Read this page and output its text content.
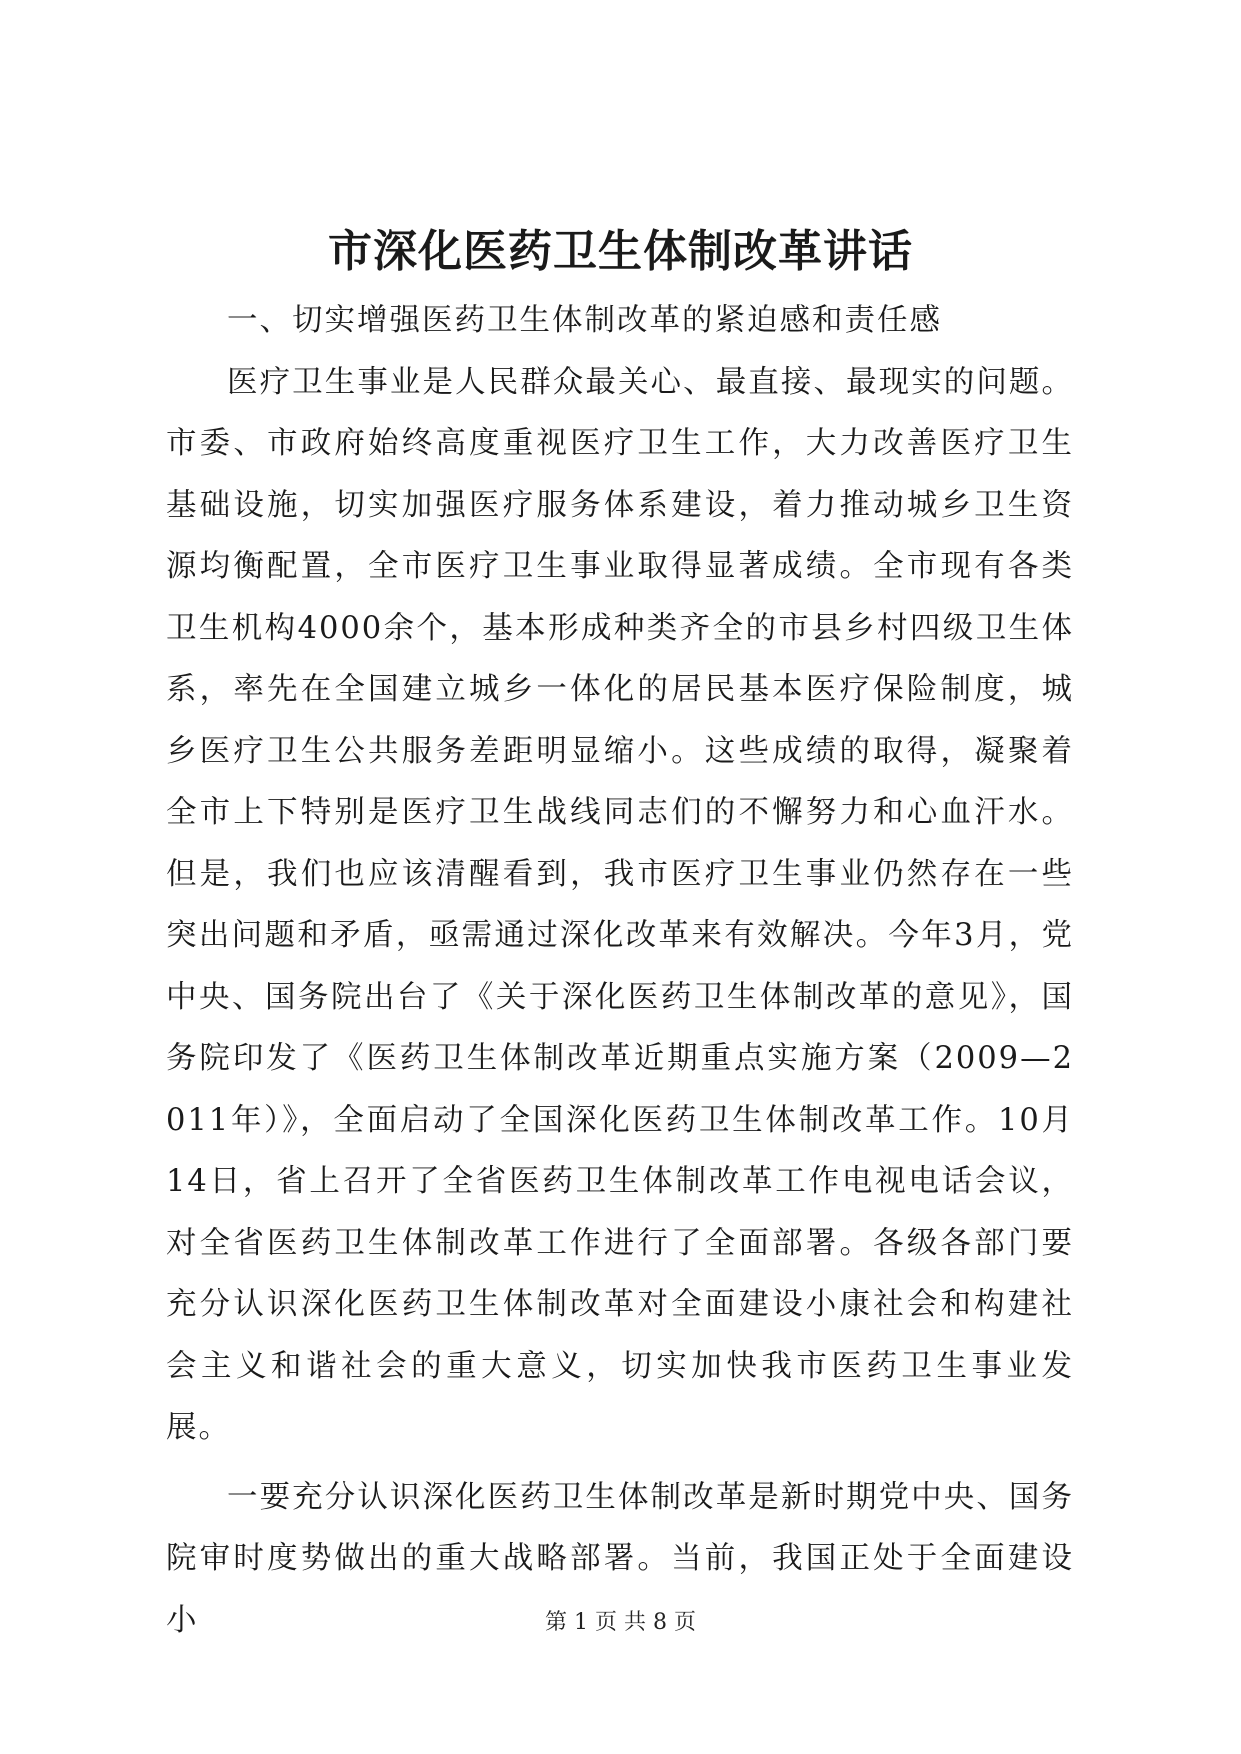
市深化医药卫生体制改革讲话

一、切实增强医药卫生体制改革的紧迫感和责任感

医疗卫生事业是人民群众最关心、最直接、最现实的问题。市委、市政府始终高度重视医疗卫生工作，大力改善医疗卫生基础设施，切实加强医疗服务体系建设，着力推动城乡卫生资源均衡配置，全市医疗卫生事业取得显著成绩。全市现有各类卫生机构4000余个，基本形成种类齐全的市县乡村四级卫生体系，率先在全国建立城乡一体化的居民基本医疗保险制度，城乡医疗卫生公共服务差距明显缩小。这些成绩的取得，凝聚着全市上下特别是医疗卫生战线同志们的不懈努力和心血汗水。但是，我们也应该清醒看到，我市医疗卫生事业仍然存在一些突出问题和矛盾，亟需通过深化改革来有效解决。今年3月，党中央、国务院出台了《关于深化医药卫生体制改革的意见》，国务院印发了《医药卫生体制改革近期重点实施方案（2009—2011年）》，全面启动了全国深化医药卫生体制改革工作。10月14日，省上召开了全省医药卫生体制改革工作电视电话会议，对全省医药卫生体制改革工作进行了全面部署。各级各部门要充分认识深化医药卫生体制改革对全面建设小康社会和构建社会主义和谐社会的重大意义，切实加快我市医药卫生事业发展。

一要充分认识深化医药卫生体制改革是新时期党中央、国务院审时度势做出的重大战略部署。当前，我国正处于全面建设小	第 1 页 共 8 页
